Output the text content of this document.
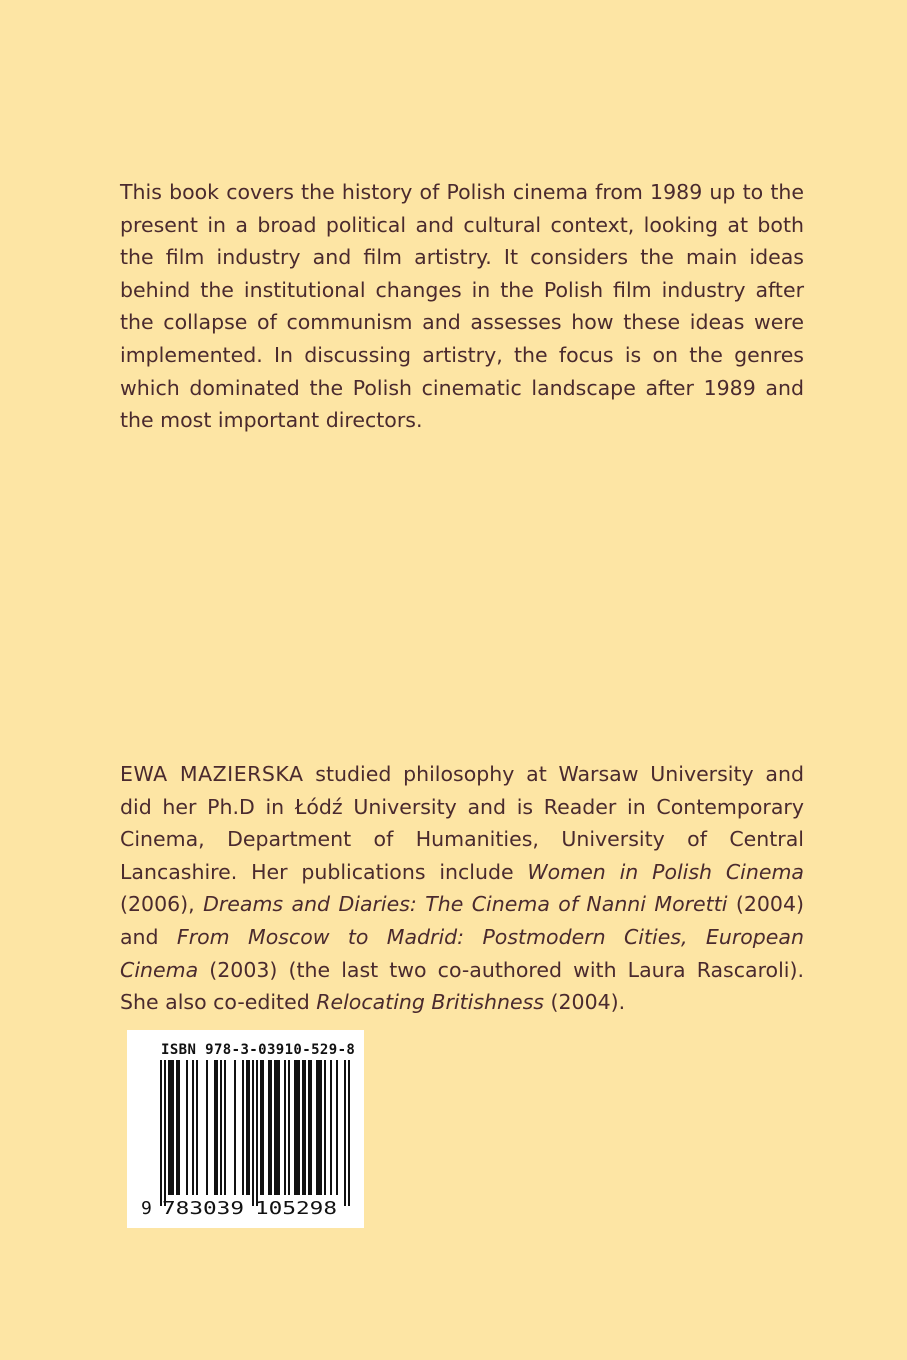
This book covers the history of Polish cinema from 1989 up to the present in a broad political and cultural context, looking at both the film industry and film artistry. It considers the main ideas behind the institutional changes in the Polish film industry after the collapse of communism and assesses how these ideas were implemented. In discussing artistry, the focus is on the genres which dominated the Polish cinematic landscape after 1989 and the most important directors.

EWA MAZIERSKA studied philosophy at Warsaw University and did her Ph.D in Łódź University and is Reader in Contemporary Cinema, Department of Humanities, University of Central Lancashire. Her publications include Women in Polish Cinema (2006), Dreams and Diaries: The Cinema of Nanni Moretti (2004) and From Moscow to Madrid: Postmodern Cities, European Cinema (2003) (the last two co-authored with Laura Rascaroli). She also co-edited Relocating Britishness (2004).

ISBN 978-3-03910-529-8
9 783039 105298
